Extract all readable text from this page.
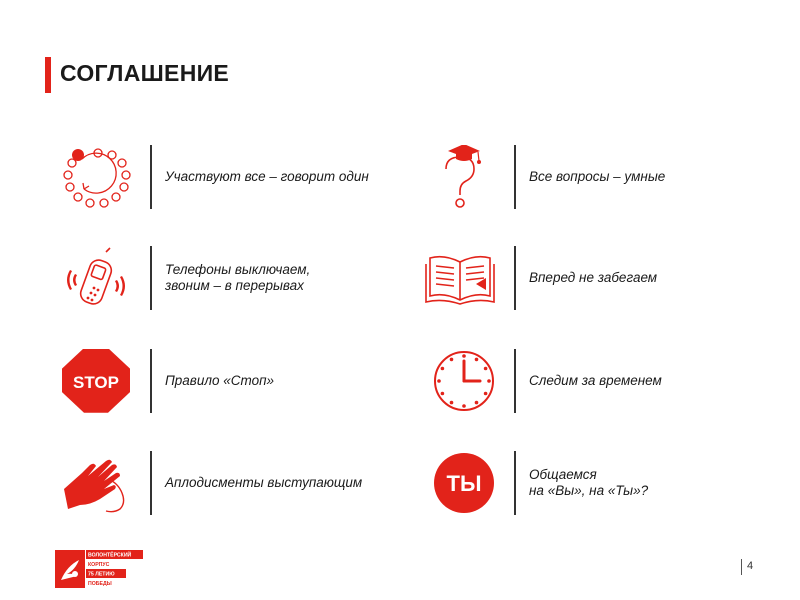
СОГЛАШЕНИЕ
Участвуют все – говорит один
Телефоны выключаем,
звоним – в перерывах
STOP	Правило «Стоп»
Аплодисменты выступающим
Все вопросы – умные
Вперед не забегаем
Следим за временем
ТЫ	Общаемся
на «Вы», на «Ты»?
ВОЛОНТЁРСКИЙ
КОРПУС
75 ЛЕТИЮ
ПОБЕДЫ
4
